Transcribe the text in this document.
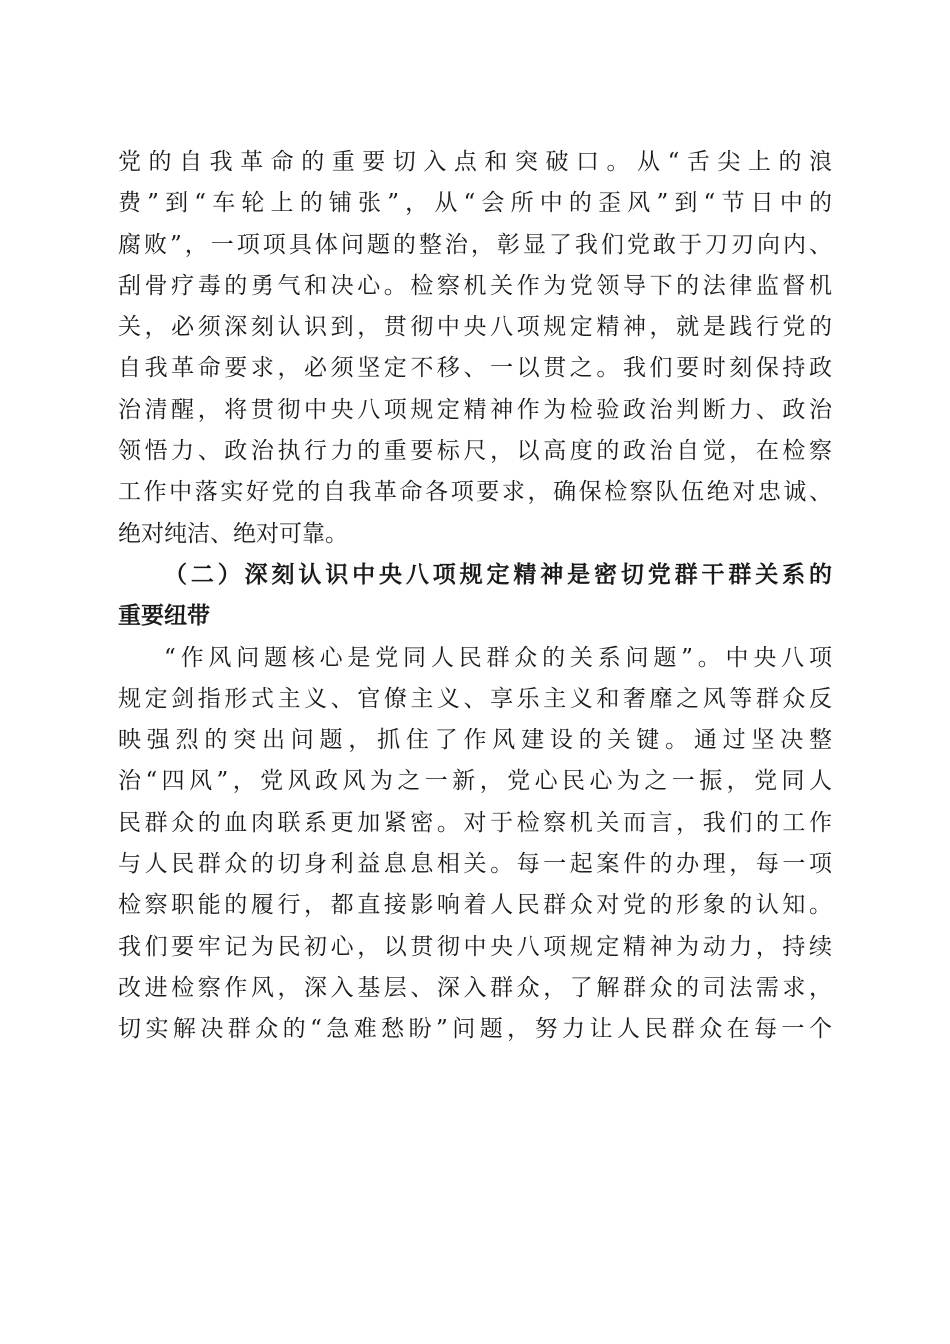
党的自我革命的重要切入点和突破口。从“舌尖上的浪
费”到“车轮上的铺张”，从“会所中的歪风”到“节日中的
腐败”，一项项具体问题的整治，彰显了我们党敢于刀刃向内、
刮骨疗毒的勇气和决心。检察机关作为党领导下的法律监督机
关，必须深刻认识到，贯彻中央八项规定精神，就是践行党的
自我革命要求，必须坚定不移、一以贯之。我们要时刻保持政
治清醒，将贯彻中央八项规定精神作为检验政治判断力、政治
领悟力、政治执行力的重要标尺，以高度的政治自觉，在检察
工作中落实好党的自我革命各项要求，确保检察队伍绝对忠诚、
绝对纯洁、绝对可靠。
（二）深刻认识中央八项规定精神是密切党群干群关系的
重要纽带
“作风问题核心是党同人民群众的关系问题”。中央八项
规定剑指形式主义、官僚主义、享乐主义和奢靡之风等群众反
映强烈的突出问题，抓住了作风建设的关键。通过坚决整
治“四风”，党风政风为之一新，党心民心为之一振，党同人
民群众的血肉联系更加紧密。对于检察机关而言，我们的工作
与人民群众的切身利益息息相关。每一起案件的办理，每一项
检察职能的履行，都直接影响着人民群众对党的形象的认知。
我们要牢记为民初心，以贯彻中央八项规定精神为动力，持续
改进检察作风，深入基层、深入群众，了解群众的司法需求，
切实解决群众的“急难愁盼”问题，努力让人民群众在每一个
